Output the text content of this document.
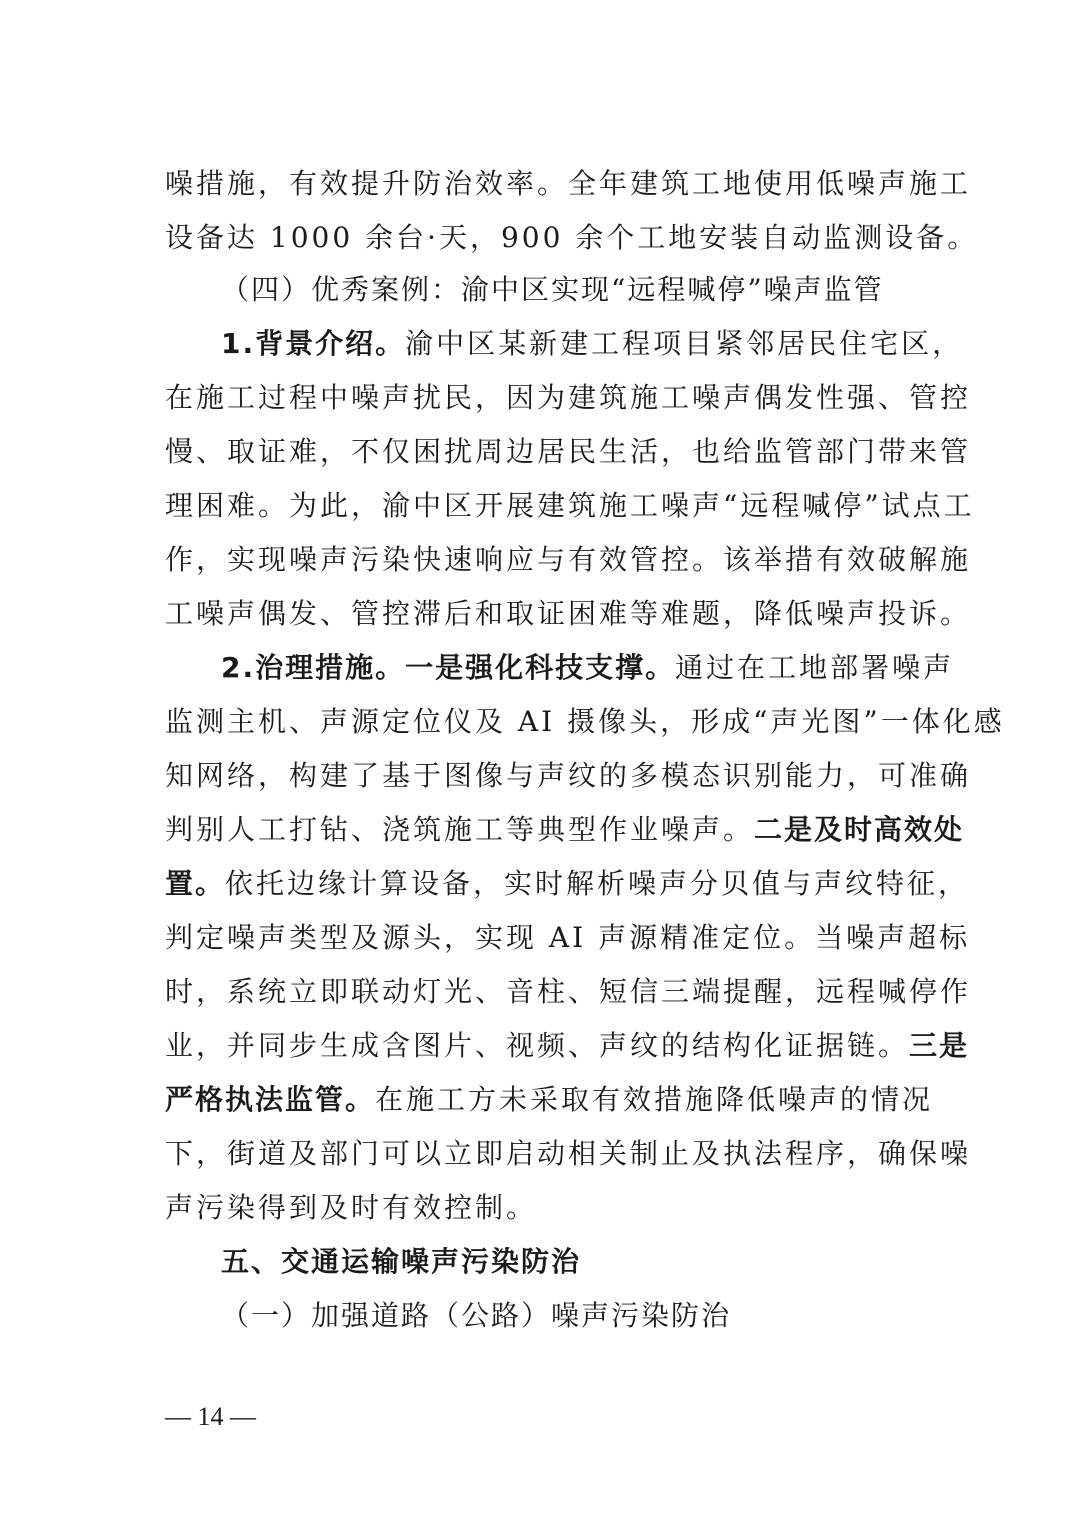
噪措施，有效提升防治效率。全年建筑工地使用低噪声施工
设备达 1000 余台·天，900 余个工地安装自动监测设备。
（四）优秀案例：渝中区实现“远程喊停”噪声监管
1.背景介绍。渝中区某新建工程项目紧邻居民住宅区，
在施工过程中噪声扰民，因为建筑施工噪声偶发性强、管控
慢、取证难，不仅困扰周边居民生活，也给监管部门带来管
理困难。为此，渝中区开展建筑施工噪声“远程喊停”试点工
作，实现噪声污染快速响应与有效管控。该举措有效破解施
工噪声偶发、管控滞后和取证困难等难题，降低噪声投诉。
2.治理措施。一是强化科技支撑。通过在工地部署噪声
监测主机、声源定位仪及 AI 摄像头，形成“声光图”一体化感
知网络，构建了基于图像与声纹的多模态识别能力，可准确
判别人工打钻、浇筑施工等典型作业噪声。二是及时高效处
置。依托边缘计算设备，实时解析噪声分贝值与声纹特征，
判定噪声类型及源头，实现 AI 声源精准定位。当噪声超标
时，系统立即联动灯光、音柱、短信三端提醒，远程喊停作
业，并同步生成含图片、视频、声纹的结构化证据链。三是
严格执法监管。在施工方未采取有效措施降低噪声的情况
下，街道及部门可以立即启动相关制止及执法程序，确保噪
声污染得到及时有效控制。
五、交通运输噪声污染防治
（一）加强道路（公路）噪声污染防治
— 14 —
